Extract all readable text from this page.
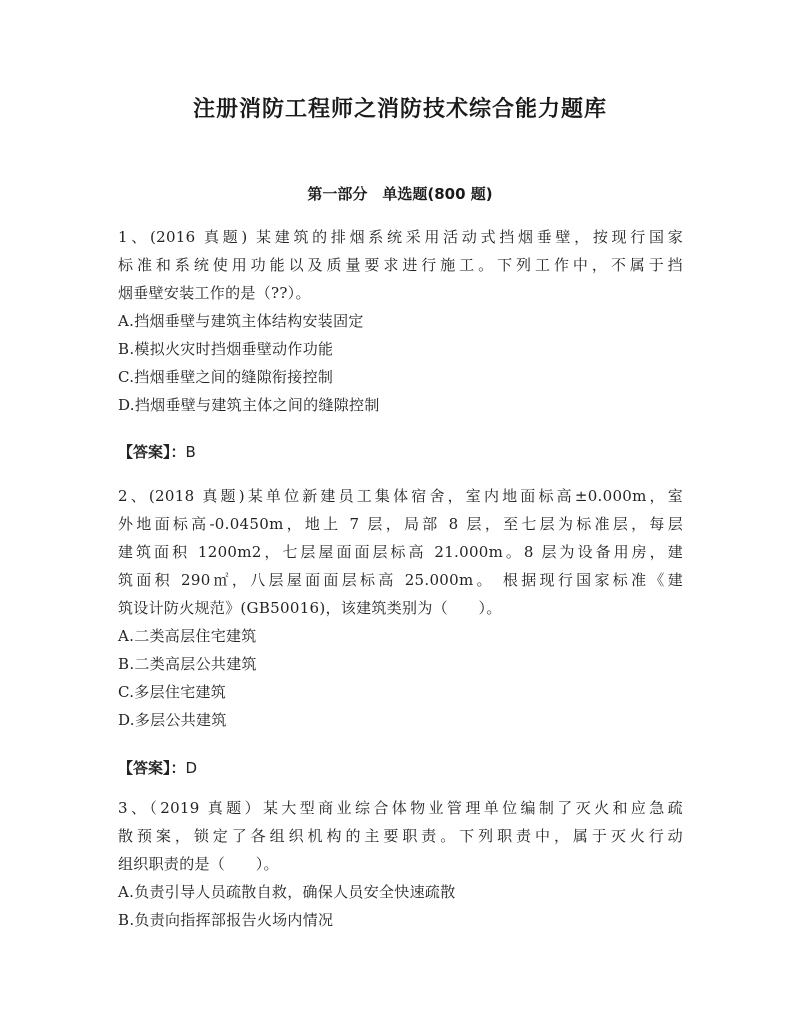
注册消防工程师之消防技术综合能力题库
第一部分　单选题(800 题)
1、(2016 真题) 某建筑的排烟系统采用活动式挡烟垂壁，按现行国家
标准和系统使用功能以及质量要求进行施工。下列工作中，不属于挡
烟垂壁安装工作的是（??）。
A.挡烟垂壁与建筑主体结构安装固定
B.模拟火灾时挡烟垂壁动作功能
C.挡烟垂壁之间的缝隙衔接控制
D.挡烟垂壁与建筑主体之间的缝隙控制
【答案】：B
2、(2018 真题)某单位新建员工集体宿舍，室内地面标高±0.000m，室
外地面标高-0.0450m，地上 7 层，局部 8 层，至七层为标准层，每层
建筑面积 1200m2，七层屋面面层标高 21.000m。8 层为设备用房，建
筑面积 290㎡，八层屋面面层标高 25.000m。 根据现行国家标准《建
筑设计防火规范》(GB50016)，该建筑类别为（　　）。
A.二类高层住宅建筑
B.二类高层公共建筑
C.多层住宅建筑
D.多层公共建筑
【答案】：D
3、（2019 真题）某大型商业综合体物业管理单位编制了灭火和应急疏
散预案，锁定了各组织机构的主要职责。下列职责中，属于灭火行动
组织职责的是（　　）。
A.负责引导人员疏散自救，确保人员安全快速疏散
B.负责向指挥部报告火场内情况
